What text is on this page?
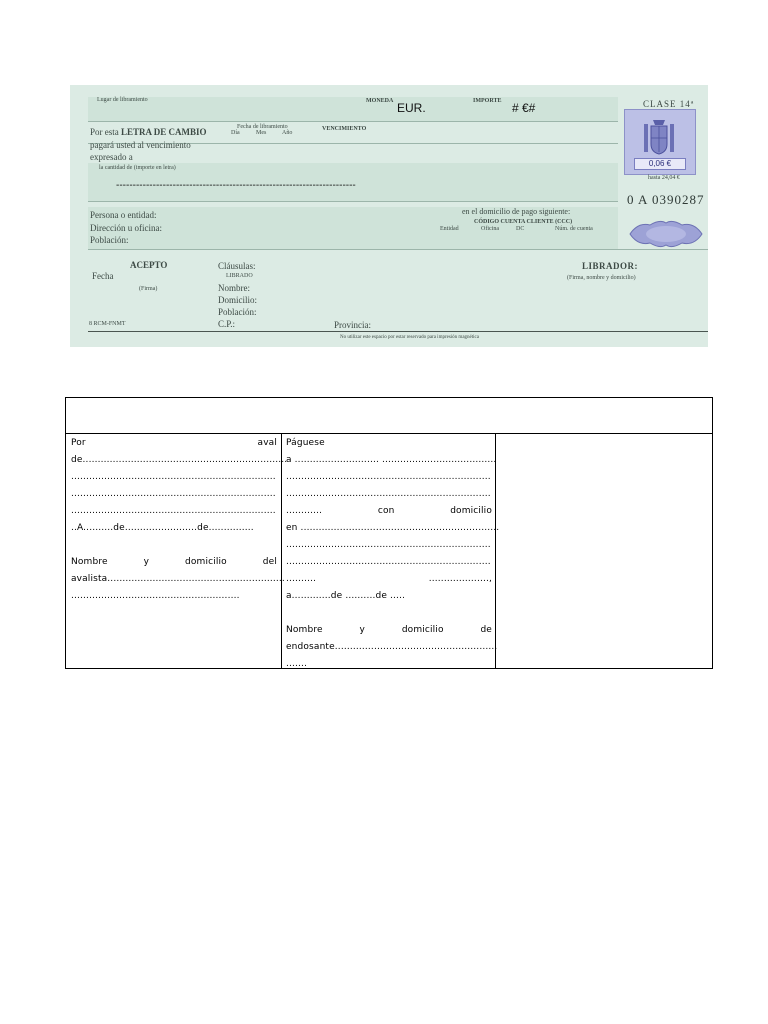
Lugar de libramiento	MONEDA EUR.	IMPORTE # €#	CLASE 14ª
0,06 €
hasta 24,04 €
0 A 0390287
Por esta LETRA DE CAMBIO
pagará usted al vencimiento
expresado a
Fecha de libramiento
Día	Mes	Año
VENCIMIENTO
la cantidad de (importe en letra)
------------------------------------------------------------------------
Persona o entidad:
Dirección u oficina:
Población:
en el domicilio de pago siguiente:
CÓDIGO CUENTA CLIENTE (CCC)
Entidad	Oficina	DC	Núm. de cuenta
ACEPTO
Fecha
(Firma)
Cláusulas:
LIBRADO
Nombre:
Domicilio:
Población:
C.P.:	Provincia:
LIBRADOR:
(Firma, nombre y domicilio)
8 RCM-FNMT
No utilizar este espacio por estar reservado para impresión magnética
Por	aval
de...................................... ..............................
....................................................................
....................................................................
....................................................................
..A..........de........................de...............
Nombre	y	domicilio	del
avalista ...........................................................
........................................................
Páguese
a ................ ............ ........ ..............................
....................................................................
....................................................................
............	con	domicilio
en .................................. ................................
....................................................................
....................................................................
..........	....................,
a.............de ..........de .....
Nombre	y	domicilio	de
endosante ......................................................
.......
